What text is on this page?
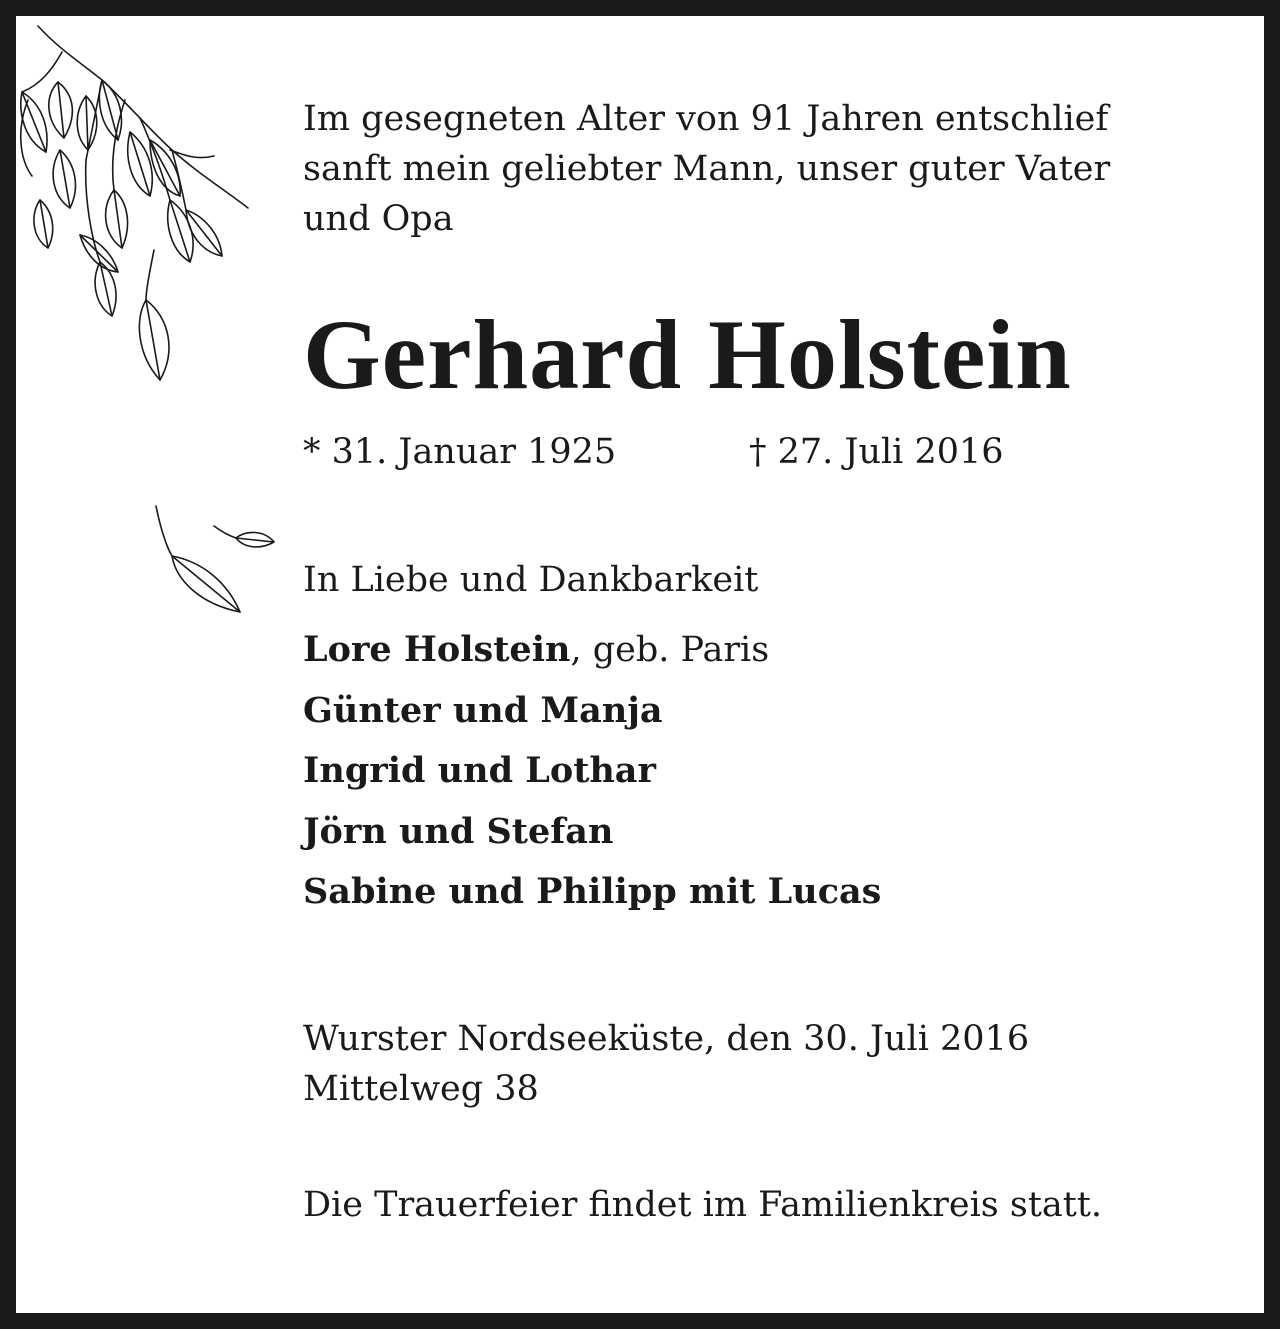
Im gesegneten Alter von 91 Jahren entschlief
sanft mein geliebter Mann, unser guter Vater
und Opa

Gerhard Holstein

* 31. Januar 1925	† 27. Juli 2016

In Liebe und Dankbarkeit

Lore Holstein, geb. Paris
Günter und Manja
Ingrid und Lothar
Jörn und Stefan
Sabine und Philipp mit Lucas

Wurster Nordseeküste, den 30. Juli 2016
Mittelweg 38

Die Trauerfeier findet im Familienkreis statt.
